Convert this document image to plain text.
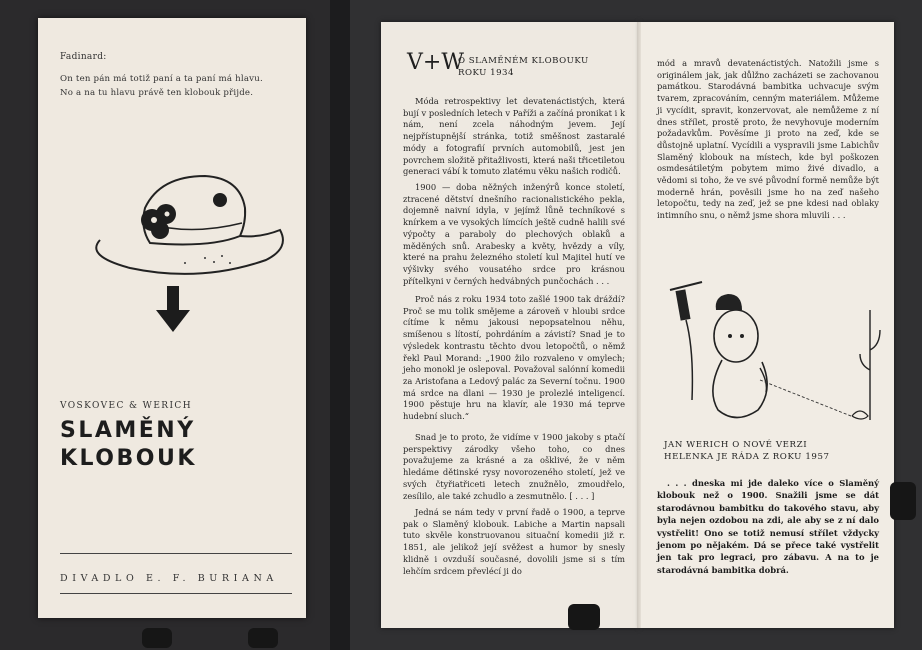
Fadinard:
On ten pán má totiž paní a ta paní má hlavu.
No a na tu hlavu právě ten klobouk přijde.
VOSKOVEC & WERICH
SLAMĚNÝ
KLOBOUK
DIVADLO E. F. BURIANA
V+W
O SLAMĚNÉM KLOBOUKU
ROKU 1934

Móda retrospektivy let devatenáctistých, která bují v posledních letech v Paříži a začíná pronikat i k nám, není zcela náhodným jevem. Její nejpřístupnější stránka, totiž směšnost zastaralé módy a fotografií prvních automobilů, jest jen povrchem složitě přitažlivosti, která naši třicetiletou generaci vábí k tomuto zlatému věku našich rodičů.

1900 — doba něžných inženýrů konce století, ztracené dětství dnešního racionalistického pekla, dojemně naivní idyla, v jejímž lůně techníkové s knírkem a ve vysokých límcích ještě cudně halili své výpočty a paraboly do plechových oblaků a měděných snů. Arabesky a květy, hvězdy a víly, které na prahu železného století kul Majitel hutí ve výšivky svého vousatého srdce pro krásnou přítelkyni v černých hedvábných punčochách . . .

Proč nás z roku 1934 toto zašlé 1900 tak dráždí? Proč se mu tolik smějeme a zároveň v hloubi srdce cítíme k němu jakousi nepopsatelnou něhu, smíšenou s lítostí, pohrdáním a závistí? Snad je to výsledek kontrastu těchto dvou letopočtů, o němž řekl Paul Morand: „1900 žilo rozvaleno v omylech; jeho monokl je oslepoval. Považoval salónní komedii za Aristofana a Ledový palác za Severní točnu. 1900 má srdce na dlani — 1930 je prolezlé inteligencí. 1900 pěstuje hru na klavír, ale 1930 má teprve hudební sluch.“

Snad je to proto, že vidíme v 1900 jakoby s ptačí perspektivy zárodky všeho toho, co dnes považujeme za krásné a za ošklivé, že v něm hledáme dětinské rysy novorozeného století, jež ve svých čtyřiatřiceti letech znužnělo, zmoudřelo, zesílilo, ale také zchudlo a zesmutnělo. [ . . . ]

Jedná se nám tedy v první řadě o 1900, a teprve pak o Slaměný klobouk. Labiche a Martin napsali tuto skvěle konstruovanou situační komedii již r. 1851, ale jelikož její svěžest a humor by snesly klidně i ovzduší současné, dovolili jsme si s tím lehčím srdcem převlécí ji do

mód a mravů devatenáctistých. Natožili jsme s originálem jak, jak důlžno zacházeti se zachovanou památkou. Starodávná bambitka uchvacuje svým tvarem, zpracováním, cenným materiálem. Můžeme ji vycídit, spravit, konzervovat, ale nemůžeme z ní dnes střílet, prostě proto, že nevyhovuje moderním požadavkům. Pověsíme ji proto na zeď, kde se důstojně uplatní. Vycídili a vyspravili jsme Labichův Slaměný klobouk na místech, kde byl poškozen osmdesátiletým pobytem mimo živé divadlo, a vědomi si toho, že ve své původní formě nemůže být moderně hrán, pověsili jsme ho na zeď našeho letopočtu, tedy na zeď, jež se pne kdesi nad oblaky intimního snu, o němž jsme shora mluvili . . .

JAN WERICH O NOVÉ VERZI
HELENKA JE RÁDA Z ROKU 1957

. . . dneska mi jde daleko více o Slaměný klobouk než o 1900. Snažili jsme se dát starodávnou bambitku do takového stavu, aby byla nejen ozdobou na zdi, ale aby se z ní dalo vystřelit! Ono se totiž nemusí střílet vždycky jenom po nějakém. Dá se přece také vystřelit jen tak pro legraci, pro zábavu. A na to je starodávná bambitka dobrá.
